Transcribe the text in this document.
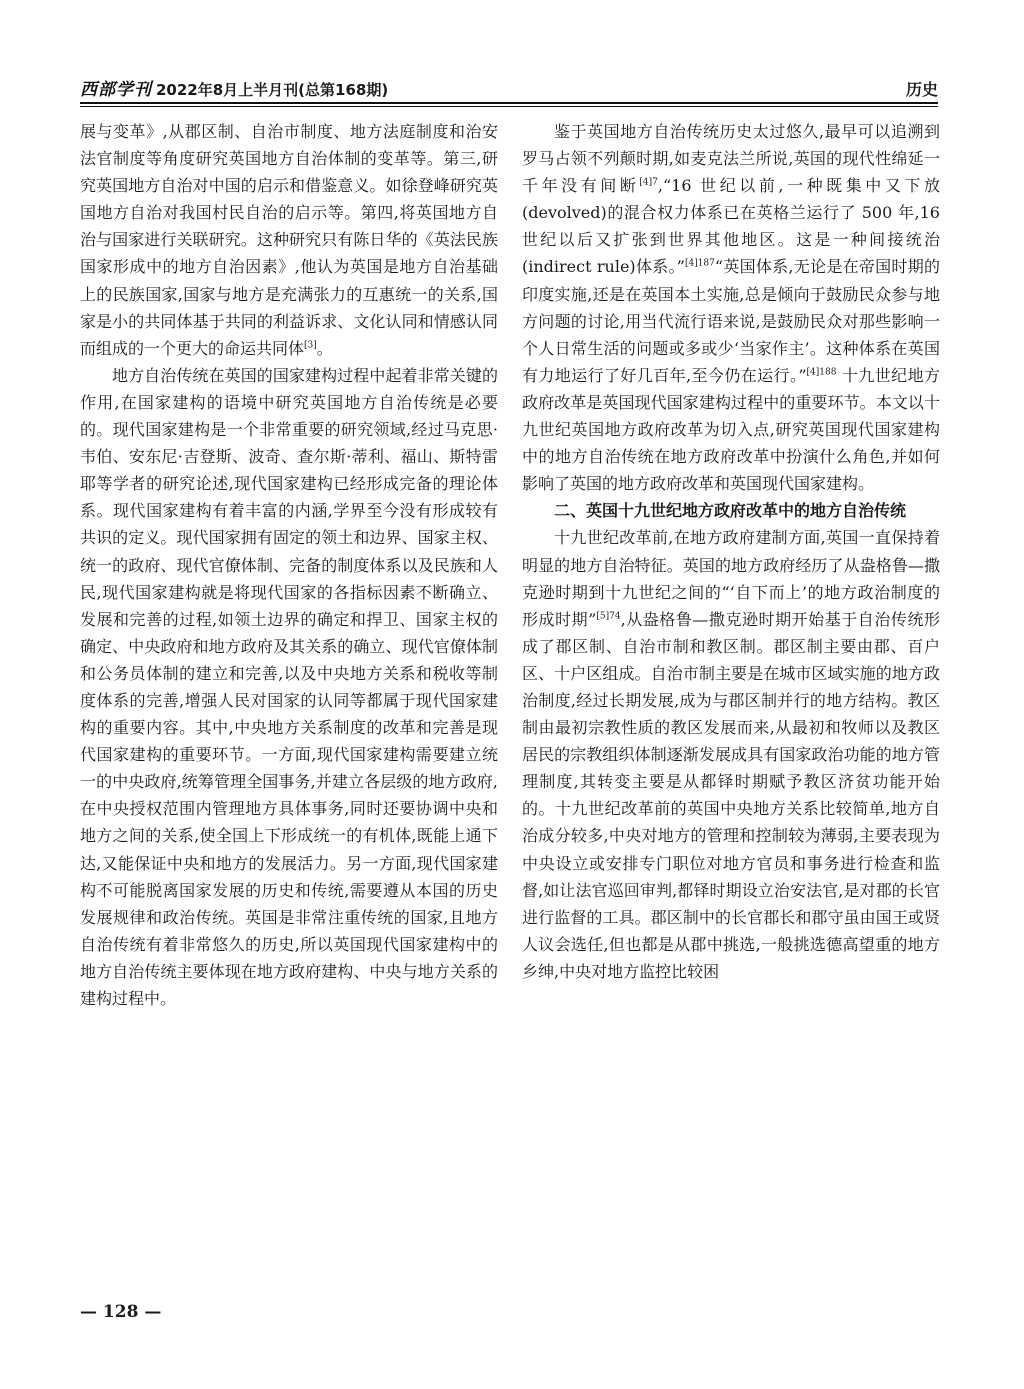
西部学刊 2022年8月上半月刊(总第168期)	历史

展与变革》,从郡区制、自治市制度、地方法庭制度和治安法官制度等角度研究英国地方自治体制的变革等。第三,研究英国地方自治对中国的启示和借鉴意义。如徐登峰研究英国地方自治对我国村民自治的启示等。第四,将英国地方自治与国家进行关联研究。这种研究只有陈日华的《英法民族国家形成中的地方自治因素》,他认为英国是地方自治基础上的民族国家,国家与地方是充满张力的互惠统一的关系,国家是小的共同体基于共同的利益诉求、文化认同和情感认同而组成的一个更大的命运共同体[3]。

地方自治传统在英国的国家建构过程中起着非常关键的作用,在国家建构的语境中研究英国地方自治传统是必要的。现代国家建构是一个非常重要的研究领域,经过马克思·韦伯、安东尼·吉登斯、波奇、查尔斯·蒂利、福山、斯特雷耶等学者的研究论述,现代国家建构已经形成完备的理论体系。现代国家建构有着丰富的内涵,学界至今没有形成较有共识的定义。现代国家拥有固定的领土和边界、国家主权、统一的政府、现代官僚体制、完备的制度体系以及民族和人民,现代国家建构就是将现代国家的各指标因素不断确立、发展和完善的过程,如领土边界的确定和捍卫、国家主权的确定、中央政府和地方政府及其关系的确立、现代官僚体制和公务员体制的建立和完善,以及中央地方关系和税收等制度体系的完善,增强人民对国家的认同等都属于现代国家建构的重要内容。其中,中央地方关系制度的改革和完善是现代国家建构的重要环节。一方面,现代国家建构需要建立统一的中央政府,统筹管理全国事务,并建立各层级的地方政府,在中央授权范围内管理地方具体事务,同时还要协调中央和地方之间的关系,使全国上下形成统一的有机体,既能上通下达,又能保证中央和地方的发展活力。另一方面,现代国家建构不可能脱离国家发展的历史和传统,需要遵从本国的历史发展规律和政治传统。英国是非常注重传统的国家,且地方自治传统有着非常悠久的历史,所以英国现代国家建构中的地方自治传统主要体现在地方政府建构、中央与地方关系的建构过程中。

鉴于英国地方自治传统历史太过悠久,最早可以追溯到罗马占领不列颠时期,如麦克法兰所说,英国的现代性绵延一千年没有间断$^{[4]7}$,“16 世纪以前,一种既集中又下放(devolved)的混合权力体系已在英格兰运行了 500 年,16 世纪以后又扩张到世界其他地区。这是一种间接统治(indirect rule)体系。”$^{[4]187}$“英国体系,无论是在帝国时期的印度实施,还是在英国本土实施,总是倾向于鼓励民众参与地方问题的讨论,用当代流行语来说,是鼓励民众对那些影响一个人日常生活的问题或多或少‘当家作主’。这种体系在英国有力地运行了好几百年,至今仍在运行。”$^{[4]188}$ 十九世纪地方政府改革是英国现代国家建构过程中的重要环节。本文以十九世纪英国地方政府改革为切入点,研究英国现代国家建构中的地方自治传统在地方政府改革中扮演什么角色,并如何影响了英国的地方政府改革和英国现代国家建构。

二、英国十九世纪地方政府改革中的地方自治传统

十九世纪改革前,在地方政府建制方面,英国一直保持着明显的地方自治特征。英国的地方政府经历了从盎格鲁—撒克逊时期到十九世纪之间的“‘自下而上’的地方政治制度的形成时期”$^{[5]74}$,从盎格鲁—撒克逊时期开始基于自治传统形成了郡区制、自治市制和教区制。郡区制主要由郡、百户区、十户区组成。自治市制主要是在城市区域实施的地方政治制度,经过长期发展,成为与郡区制并行的地方结构。教区制由最初宗教性质的教区发展而来,从最初和牧师以及教区居民的宗教组织体制逐渐发展成具有国家政治功能的地方管理制度,其转变主要是从都铎时期赋予教区济贫功能开始的。十九世纪改革前的英国中央地方关系比较简单,地方自治成分较多,中央对地方的管理和控制较为薄弱,主要表现为中央设立或安排专门职位对地方官员和事务进行检查和监督,如让法官巡回审判,都铎时期设立治安法官,是对郡的长官进行监督的工具。郡区制中的长官郡长和郡守虽由国王或贤人议会选任,但也都是从郡中挑选,一般挑选德高望重的地方乡绅,中央对地方监控比较困

— 128 —
